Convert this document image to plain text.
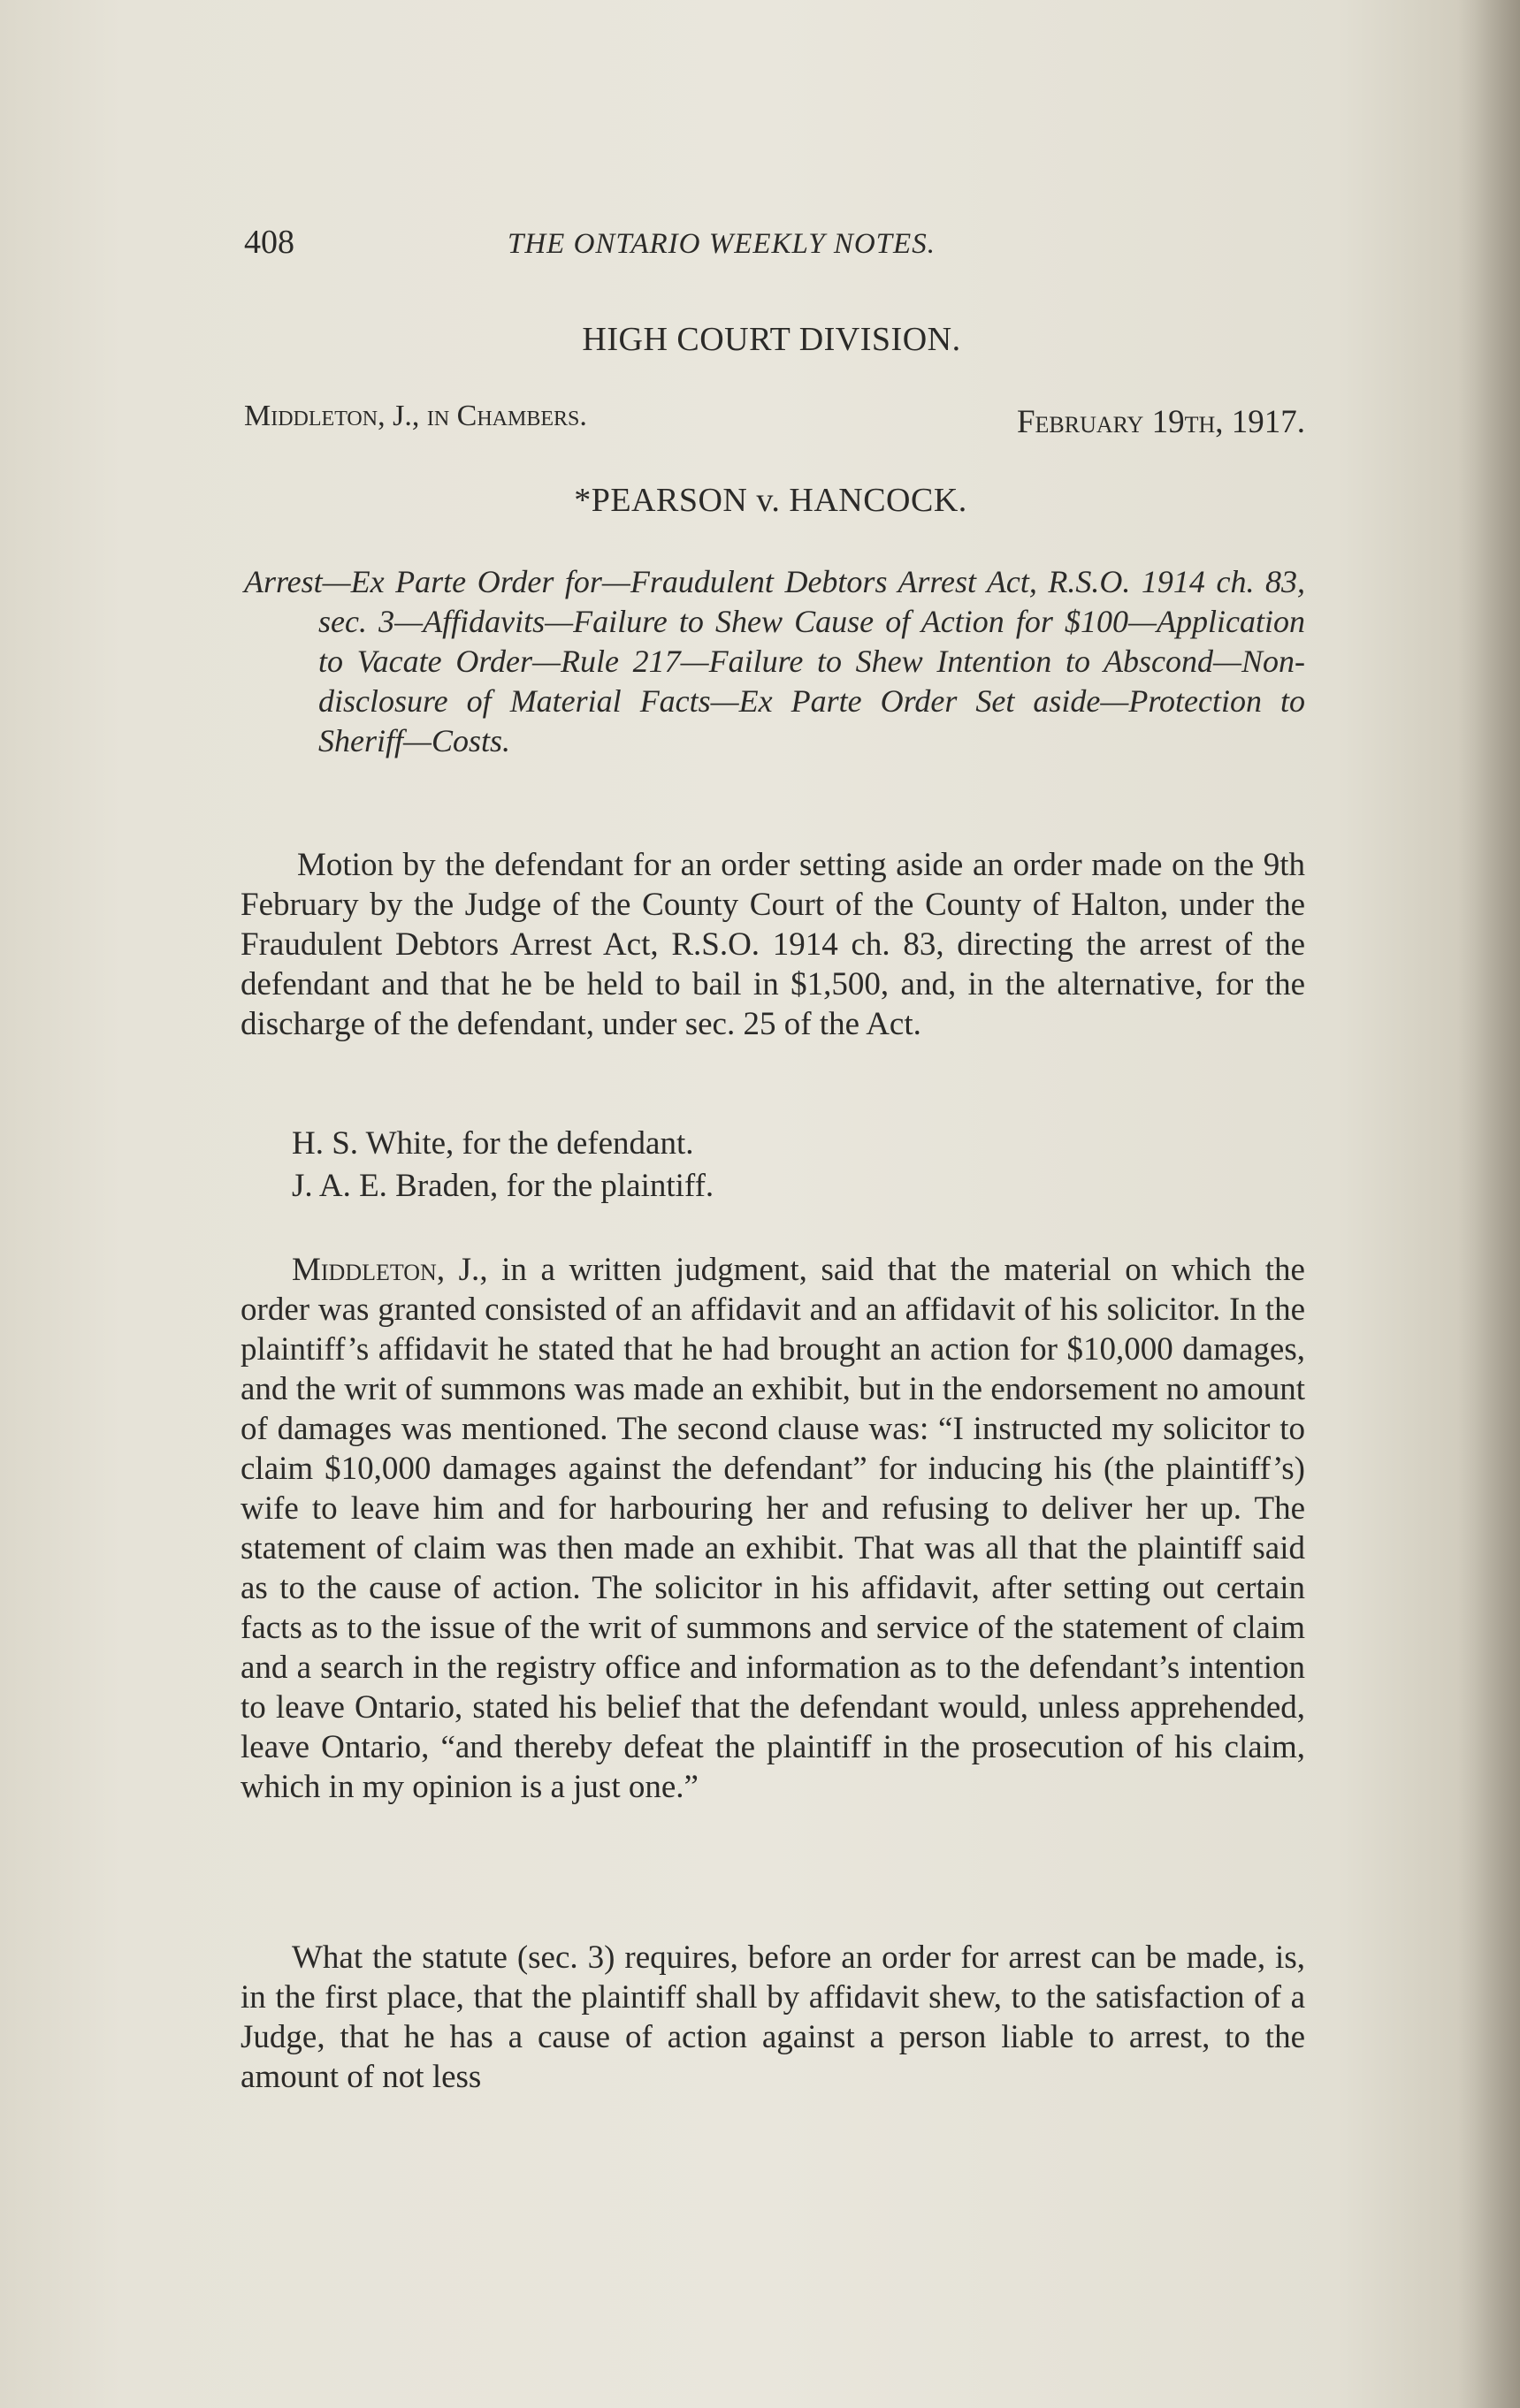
408	THE ONTARIO WEEKLY NOTES.
HIGH COURT DIVISION.
Middleton, J., in Chambers.	February 19th, 1917.
*PEARSON v. HANCOCK.
Arrest—Ex Parte Order for—Fraudulent Debtors Arrest Act, R.S.O. 1914 ch. 83, sec. 3—Affidavits—Failure to Shew Cause of Action for $100—Application to Vacate Order—Rule 217—Failure to Shew Intention to Abscond—Non-disclosure of Material Facts—Ex Parte Order Set aside—Protection to Sheriff—Costs.
Motion by the defendant for an order setting aside an order made on the 9th February by the Judge of the County Court of the County of Halton, under the Fraudulent Debtors Arrest Act, R.S.O. 1914 ch. 83, directing the arrest of the defendant and that he be held to bail in $1,500, and, in the alternative, for the discharge of the defendant, under sec. 25 of the Act.
H. S. White, for the defendant.
J. A. E. Braden, for the plaintiff.
Middleton, J., in a written judgment, said that the material on which the order was granted consisted of an affidavit and an affidavit of his solicitor. In the plaintiff’s affidavit he stated that he had brought an action for $10,000 damages, and the writ of summons was made an exhibit, but in the endorsement no amount of damages was mentioned. The second clause was: “I instructed my solicitor to claim $10,000 damages against the defendant” for inducing his (the plaintiff’s) wife to leave him and for harbouring her and refusing to deliver her up. The statement of claim was then made an exhibit. That was all that the plaintiff said as to the cause of action. The solicitor in his affidavit, after setting out certain facts as to the issue of the writ of summons and service of the statement of claim and a search in the registry office and information as to the defendant’s intention to leave Ontario, stated his belief that the defendant would, unless apprehended, leave Ontario, “and thereby defeat the plaintiff in the prosecution of his claim, which in my opinion is a just one.”
What the statute (sec. 3) requires, before an order for arrest can be made, is, in the first place, that the plaintiff shall by affidavit shew, to the satisfaction of a Judge, that he has a cause of action against a person liable to arrest, to the amount of not less
